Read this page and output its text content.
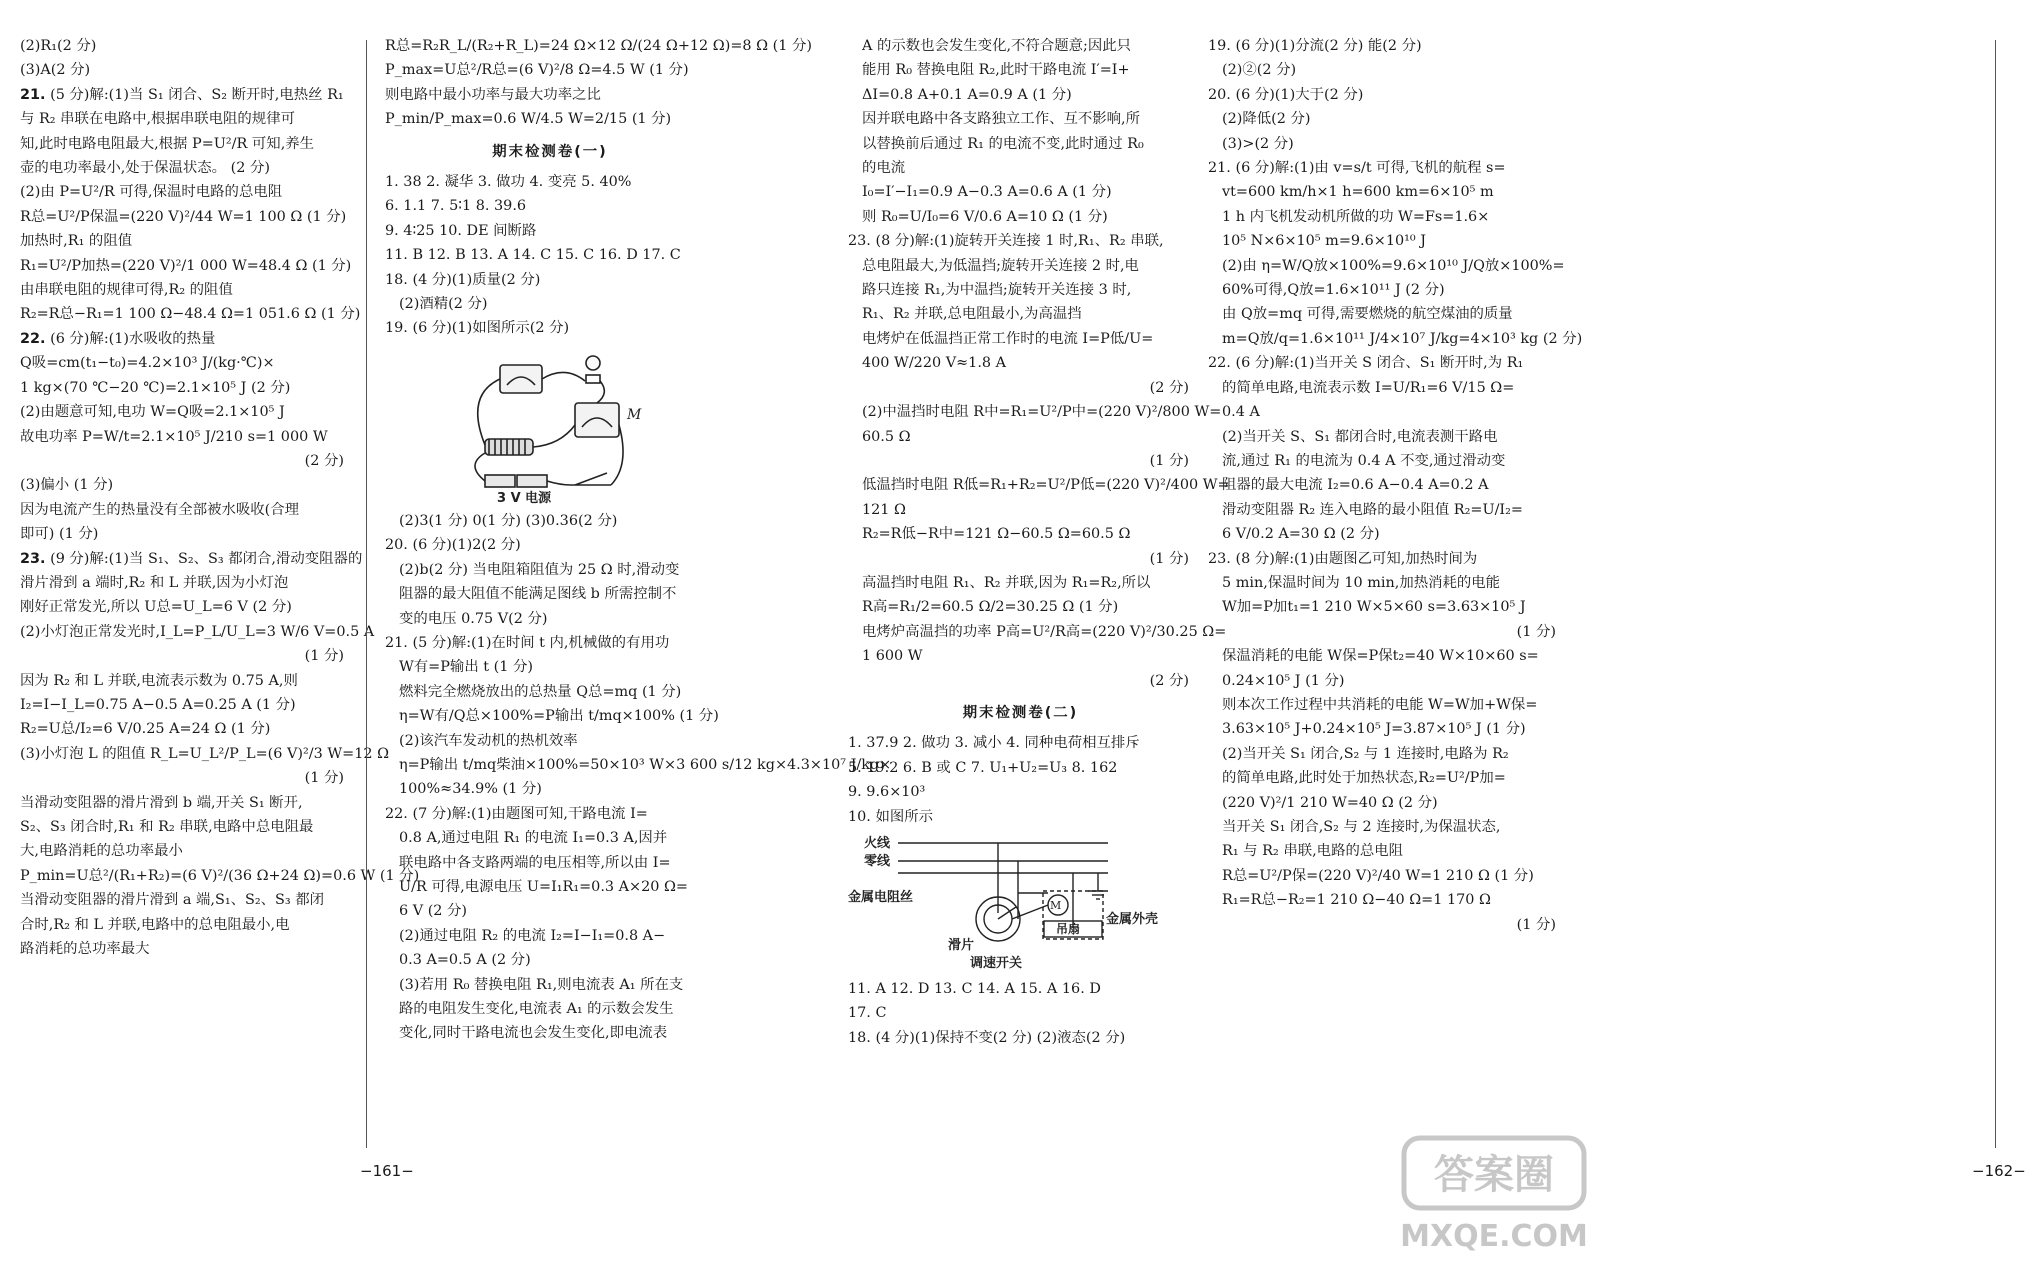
(2)R₁(2 分)
(3)A(2 分)
21. (5 分)解:(1)当 S₁ 闭合、S₂ 断开时,电热丝 R₁
与 R₂ 串联在电路中,根据串联电阻的规律可
知,此时电路电阻最大,根据 P=U²/R 可知,养生
壶的电功率最小,处于保温状态。 (2 分)
(2)由 P=U²/R 可得,保温时电路的总电阻
R总=U²/P保温=(220 V)²/44 W=1 100 Ω (1 分)
加热时,R₁ 的阻值
R₁=U²/P加热=(220 V)²/1 000 W=48.4 Ω (1 分)
由串联电阻的规律可得,R₂ 的阻值
R₂=R总−R₁=1 100 Ω−48.4 Ω=1 051.6 Ω (1 分)
22. (6 分)解:(1)水吸收的热量
Q吸=cm(t₁−t₀)=4.2×10³ J/(kg·℃)×
1 kg×(70 ℃−20 ℃)=2.1×10⁵ J (2 分)
(2)由题意可知,电功 W=Q吸=2.1×10⁵ J
故电功率 P=W/t=2.1×10⁵ J/210 s=1 000 W
(2 分)
(3)偏小 (1 分)
因为电流产生的热量没有全部被水吸收(合理
即可) (1 分)
23. (9 分)解:(1)当 S₁、S₂、S₃ 都闭合,滑动变阻器的
滑片滑到 a 端时,R₂ 和 L 并联,因为小灯泡
刚好正常发光,所以 U总=U_L=6 V (2 分)
(2)小灯泡正常发光时,I_L=P_L/U_L=3 W/6 V=0.5 A
(1 分)
因为 R₂ 和 L 并联,电流表示数为 0.75 A,则
I₂=I−I_L=0.75 A−0.5 A=0.25 A (1 分)
R₂=U总/I₂=6 V/0.25 A=24 Ω (1 分)
(3)小灯泡 L 的阻值 R_L=U_L²/P_L=(6 V)²/3 W=12 Ω
(1 分)
当滑动变阻器的滑片滑到 b 端,开关 S₁ 断开,
S₂、S₃ 闭合时,R₁ 和 R₂ 串联,电路中总电阻最
大,电路消耗的总功率最小
P_min=U总²/(R₁+R₂)=(6 V)²/(36 Ω+24 Ω)=0.6 W (1 分)
当滑动变阻器的滑片滑到 a 端,S₁、S₂、S₃ 都闭
合时,R₂ 和 L 并联,电路中的总电阻最小,电
路消耗的总功率最大
R总=R₂R_L/(R₂+R_L)=24 Ω×12 Ω/(24 Ω+12 Ω)=8 Ω (1 分)
P_max=U总²/R总=(6 V)²/8 Ω=4.5 W (1 分)
则电路中最小功率与最大功率之比
P_min/P_max=0.6 W/4.5 W=2/15 (1 分)
期末检测卷(一)
1. 38 2. 凝华 3. 做功 4. 变亮 5. 40%
6. 1.1 7. 5∶1 8. 39.6
9. 4∶25 10. DE 间断路
11. B 12. B 13. A 14. C 15. C 16. D 17. C
18. (4 分)(1)质量(2 分)
(2)酒精(2 分)
19. (6 分)(1)如图所示(2 分)
M
3 V 电源
(2)3(1 分) 0(1 分) (3)0.36(2 分)
20. (6 分)(1)2(2 分)
(2)b(2 分) 当电阻箱阻值为 25 Ω 时,滑动变
阻器的最大阻值不能满足图线 b 所需控制不
变的电压 0.75 V(2 分)
21. (5 分)解:(1)在时间 t 内,机械做的有用功
W有=P输出 t (1 分)
燃料完全燃烧放出的总热量 Q总=mq (1 分)
η=W有/Q总×100%=P输出 t/mq×100% (1 分)
(2)该汽车发动机的热机效率
η=P输出 t/mq柴油×100%=50×10³ W×3 600 s/12 kg×4.3×10⁷ J/kg×
100%≈34.9% (1 分)
22. (7 分)解:(1)由题图可知,干路电流 I=
0.8 A,通过电阻 R₁ 的电流 I₁=0.3 A,因并
联电路中各支路两端的电压相等,所以由 I=
U/R 可得,电源电压 U=I₁R₁=0.3 A×20 Ω=
6 V (2 分)
(2)通过电阻 R₂ 的电流 I₂=I−I₁=0.8 A−
0.3 A=0.5 A (2 分)
(3)若用 R₀ 替换电阻 R₁,则电流表 A₁ 所在支
路的电阻发生变化,电流表 A₁ 的示数会发生
变化,同时干路电流也会发生变化,即电流表
−161−
A 的示数也会发生变化,不符合题意;因此只
能用 R₀ 替换电阻 R₂,此时干路电流 I′=I+
ΔI=0.8 A+0.1 A=0.9 A (1 分)
因并联电路中各支路独立工作、互不影响,所
以替换前后通过 R₁ 的电流不变,此时通过 R₀
的电流
I₀=I′−I₁=0.9 A−0.3 A=0.6 A (1 分)
则 R₀=U/I₀=6 V/0.6 A=10 Ω (1 分)
23. (8 分)解:(1)旋转开关连接 1 时,R₁、R₂ 串联,
总电阻最大,为低温挡;旋转开关连接 2 时,电
路只连接 R₁,为中温挡;旋转开关连接 3 时,
R₁、R₂ 并联,总电阻最小,为高温挡
电烤炉在低温挡正常工作时的电流 I=P低/U=
400 W/220 V≈1.8 A
(2 分)
(2)中温挡时电阻 R中=R₁=U²/P中=(220 V)²/800 W=
60.5 Ω
(1 分)
低温挡时电阻 R低=R₁+R₂=U²/P低=(220 V)²/400 W=
121 Ω
R₂=R低−R中=121 Ω−60.5 Ω=60.5 Ω
(1 分)
高温挡时电阻 R₁、R₂ 并联,因为 R₁=R₂,所以
R高=R₁/2=60.5 Ω/2=30.25 Ω (1 分)
电烤炉高温挡的功率 P高=U²/R高=(220 V)²/30.25 Ω=
1 600 W
(2 分)
期末检测卷(二)
1. 37.9 2. 做功 3. 减小 4. 同种电荷相互排斥
5. 19.2 6. B 或 C 7. U₁+U₂=U₃ 8. 162
9. 9.6×10³
10. 如图所示
M
火线
零线
金属电阻丝
滑片
金属外壳
吊扇
调速开关
11. A 12. D 13. C 14. A 15. A 16. D
17. C
18. (4 分)(1)保持不变(2 分) (2)液态(2 分)
19. (6 分)(1)分流(2 分) 能(2 分)
(2)②(2 分)
20. (6 分)(1)大于(2 分)
(2)降低(2 分)
(3)>(2 分)
21. (6 分)解:(1)由 v=s/t 可得,飞机的航程 s=
vt=600 km/h×1 h=600 km=6×10⁵ m
1 h 内飞机发动机所做的功 W=Fs=1.6×
10⁵ N×6×10⁵ m=9.6×10¹⁰ J
(2)由 η=W/Q放×100%=9.6×10¹⁰ J/Q放×100%=
60%可得,Q放=1.6×10¹¹ J (2 分)
由 Q放=mq 可得,需要燃烧的航空煤油的质量
m=Q放/q=1.6×10¹¹ J/4×10⁷ J/kg=4×10³ kg (2 分)
22. (6 分)解:(1)当开关 S 闭合、S₁ 断开时,为 R₁
的简单电路,电流表示数 I=U/R₁=6 V/15 Ω=
0.4 A
(2)当开关 S、S₁ 都闭合时,电流表测干路电
流,通过 R₁ 的电流为 0.4 A 不变,通过滑动变
阻器的最大电流 I₂=0.6 A−0.4 A=0.2 A
滑动变阻器 R₂ 连入电路的最小阻值 R₂=U/I₂=
6 V/0.2 A=30 Ω (2 分)
23. (8 分)解:(1)由题图乙可知,加热时间为
5 min,保温时间为 10 min,加热消耗的电能
W加=P加t₁=1 210 W×5×60 s=3.63×10⁵ J
(1 分)
保温消耗的电能 W保=P保t₂=40 W×10×60 s=
0.24×10⁵ J (1 分)
则本次工作过程中共消耗的电能 W=W加+W保=
3.63×10⁵ J+0.24×10⁵ J=3.87×10⁵ J (1 分)
(2)当开关 S₁ 闭合,S₂ 与 1 连接时,电路为 R₂
的简单电路,此时处于加热状态,R₂=U²/P加=
(220 V)²/1 210 W=40 Ω (2 分)
当开关 S₁ 闭合,S₂ 与 2 连接时,为保温状态,
R₁ 与 R₂ 串联,电路的总电阻
R总=U²/P保=(220 V)²/40 W=1 210 Ω (1 分)
R₁=R总−R₂=1 210 Ω−40 Ω=1 170 Ω
(1 分)
−162−
答案圈
MXQE.COM
